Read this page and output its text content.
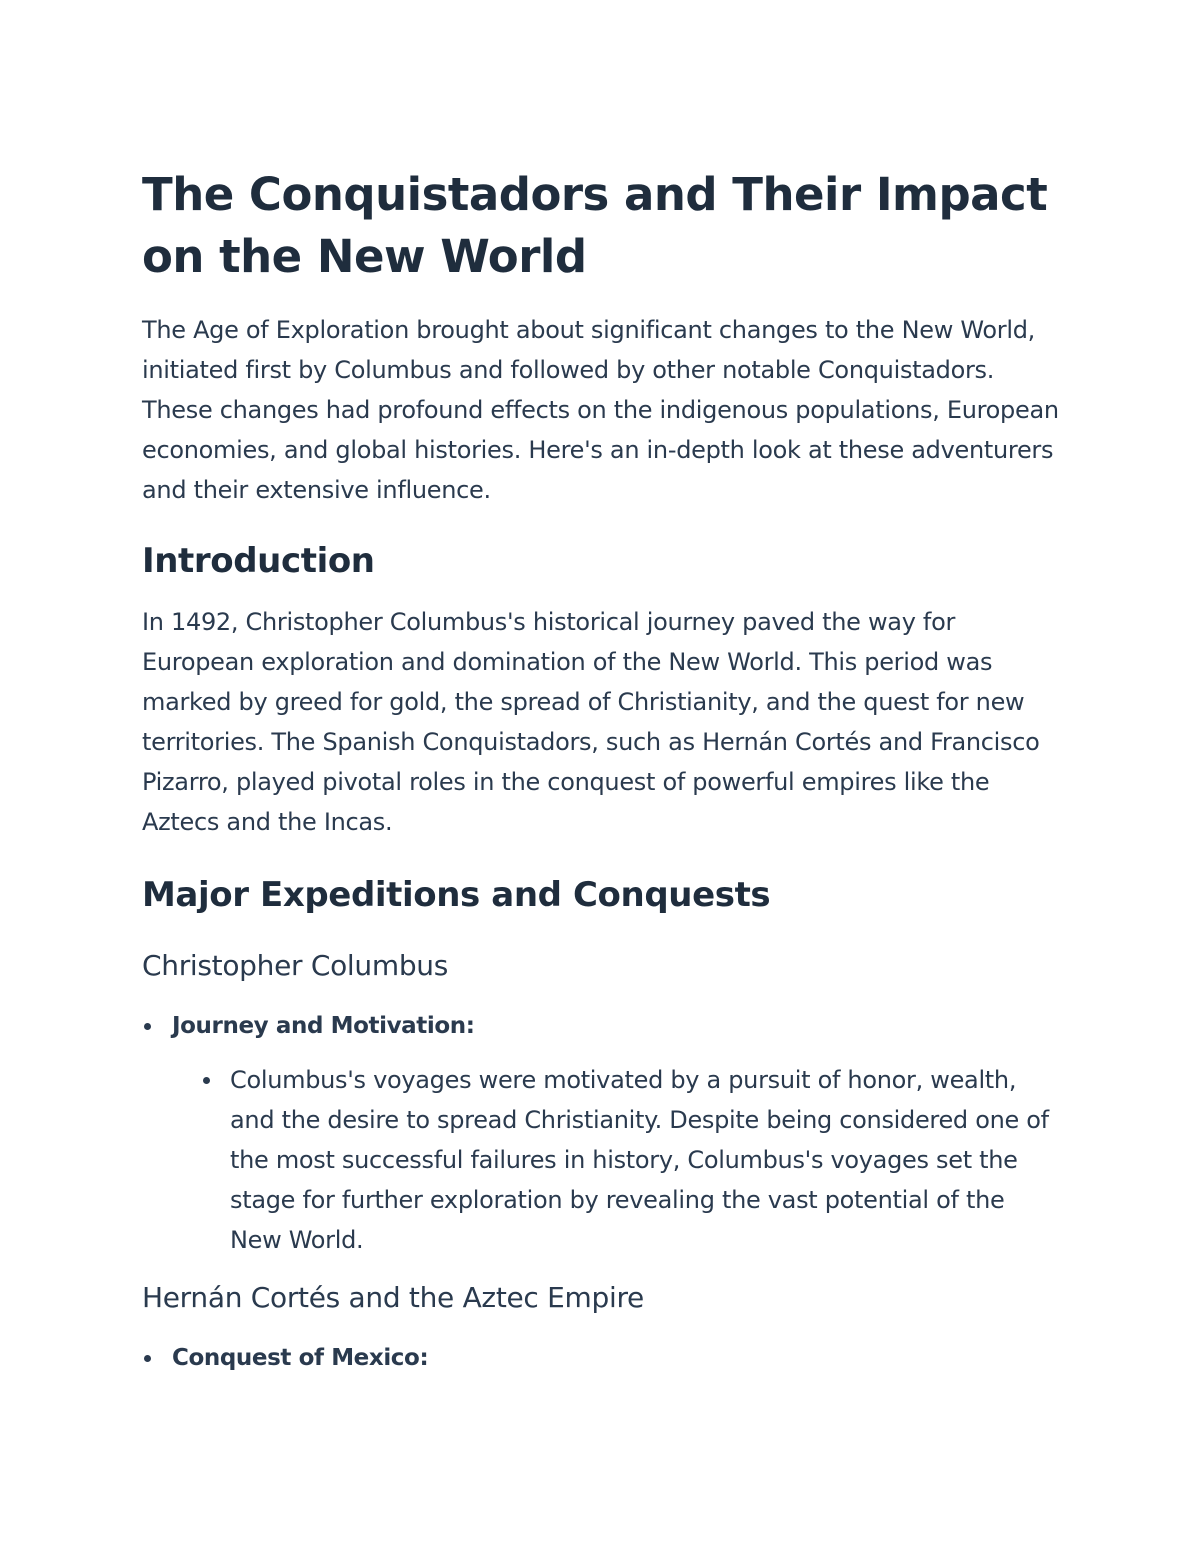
The Conquistadors and Their Impact on the New World

The Age of Exploration brought about significant changes to the New World, initiated first by Columbus and followed by other notable Conquistadors. These changes had profound effects on the indigenous populations, European economies, and global histories. Here's an in-depth look at these adventurers and their extensive influence.

Introduction

In 1492, Christopher Columbus's historical journey paved the way for European exploration and domination of the New World. This period was marked by greed for gold, the spread of Christianity, and the quest for new territories. The Spanish Conquistadors, such as Hernán Cortés and Francisco Pizarro, played pivotal roles in the conquest of powerful empires like the Aztecs and the Incas.

Major Expeditions and Conquests
Christopher Columbus
Journey and Motivation:
Columbus's voyages were motivated by a pursuit of honor, wealth, and the desire to spread Christianity. Despite being considered one of the most successful failures in history, Columbus's voyages set the stage for further exploration by revealing the vast potential of the New World.
Hernán Cortés and the Aztec Empire
Conquest of Mexico:
